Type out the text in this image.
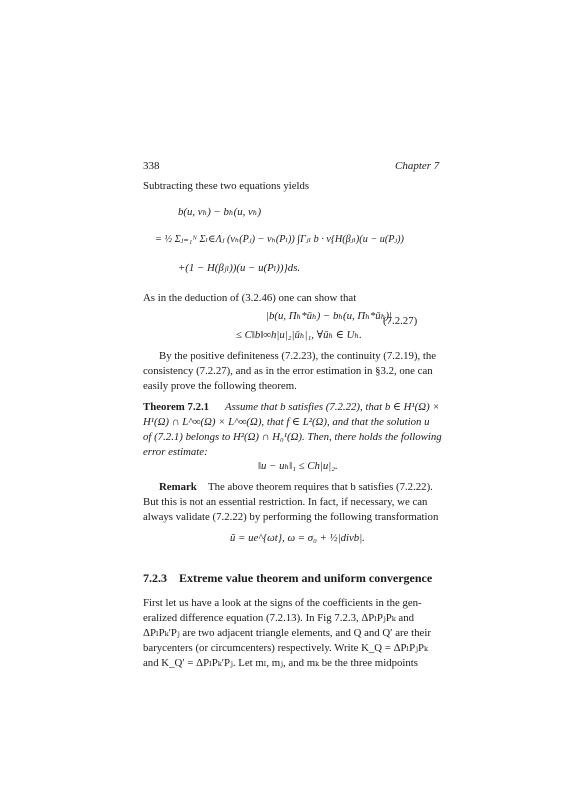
338	Chapter 7
Subtracting these two equations yields
b(u, vₕ) − bₕ(u, vₕ)
= ½ Σⱼ₌₁ᴺ Σₗ∈Λⱼ (vₕ(Pⱼ) − vₕ(Pₗ)) ∫Γⱼₗ b · ν{H(βⱼₗ)(u − u(Pⱼ))
+(1 − H(βⱼₗ))(u − u(Pₗ))}ds.
As in the deduction of (3.2.46) one can show that
|b(u, Πₕ*ūₕ) − bₕ(u, Πₕ*ūₕ)|
≤ C‖b‖∞h|u|₂|ūₕ|₁, ∀ūₕ ∈ Uₕ.
(7.2.27)
By the positive definiteness (7.2.23), the continuity (7.2.19), the
consistency (7.2.27), and as in the error estimation in §3.2, one can
easily prove the following theorem.
Theorem 7.2.1 Assume that b satisfies (7.2.22), that b ∈ H¹(Ω) ×
H¹(Ω) ∩ L^∞(Ω) × L^∞(Ω), that f ∈ L²(Ω), and that the solution u
of (7.2.1) belongs to H²(Ω) ∩ H₀¹(Ω). Then, there holds the following
error estimate:
‖u − uₕ‖₁ ≤ Ch|u|₂.
Remark The above theorem requires that b satisfies (7.2.22).
But this is not an essential restriction. In fact, if necessary, we can
always validate (7.2.22) by performing the following transformation
ũ = ue^{ωt}, ω = σ₀ + ½|divb|.
7.2.3 Extreme value theorem and uniform convergence
First let us have a look at the signs of the coefficients in the gen-
eralized difference equation (7.2.13). In Fig 7.2.3, ΔPₗPⱼPₖ and
ΔPₗPₖ′Pⱼ are two adjacent triangle elements, and Q and Q′ are their
barycenters (or circumcenters) respectively. Write K_Q = ΔPₗPⱼPₖ
and K_Q′ = ΔPₗPₖ′Pⱼ. Let mₗ, mⱼ, and mₖ be the three midpoints
